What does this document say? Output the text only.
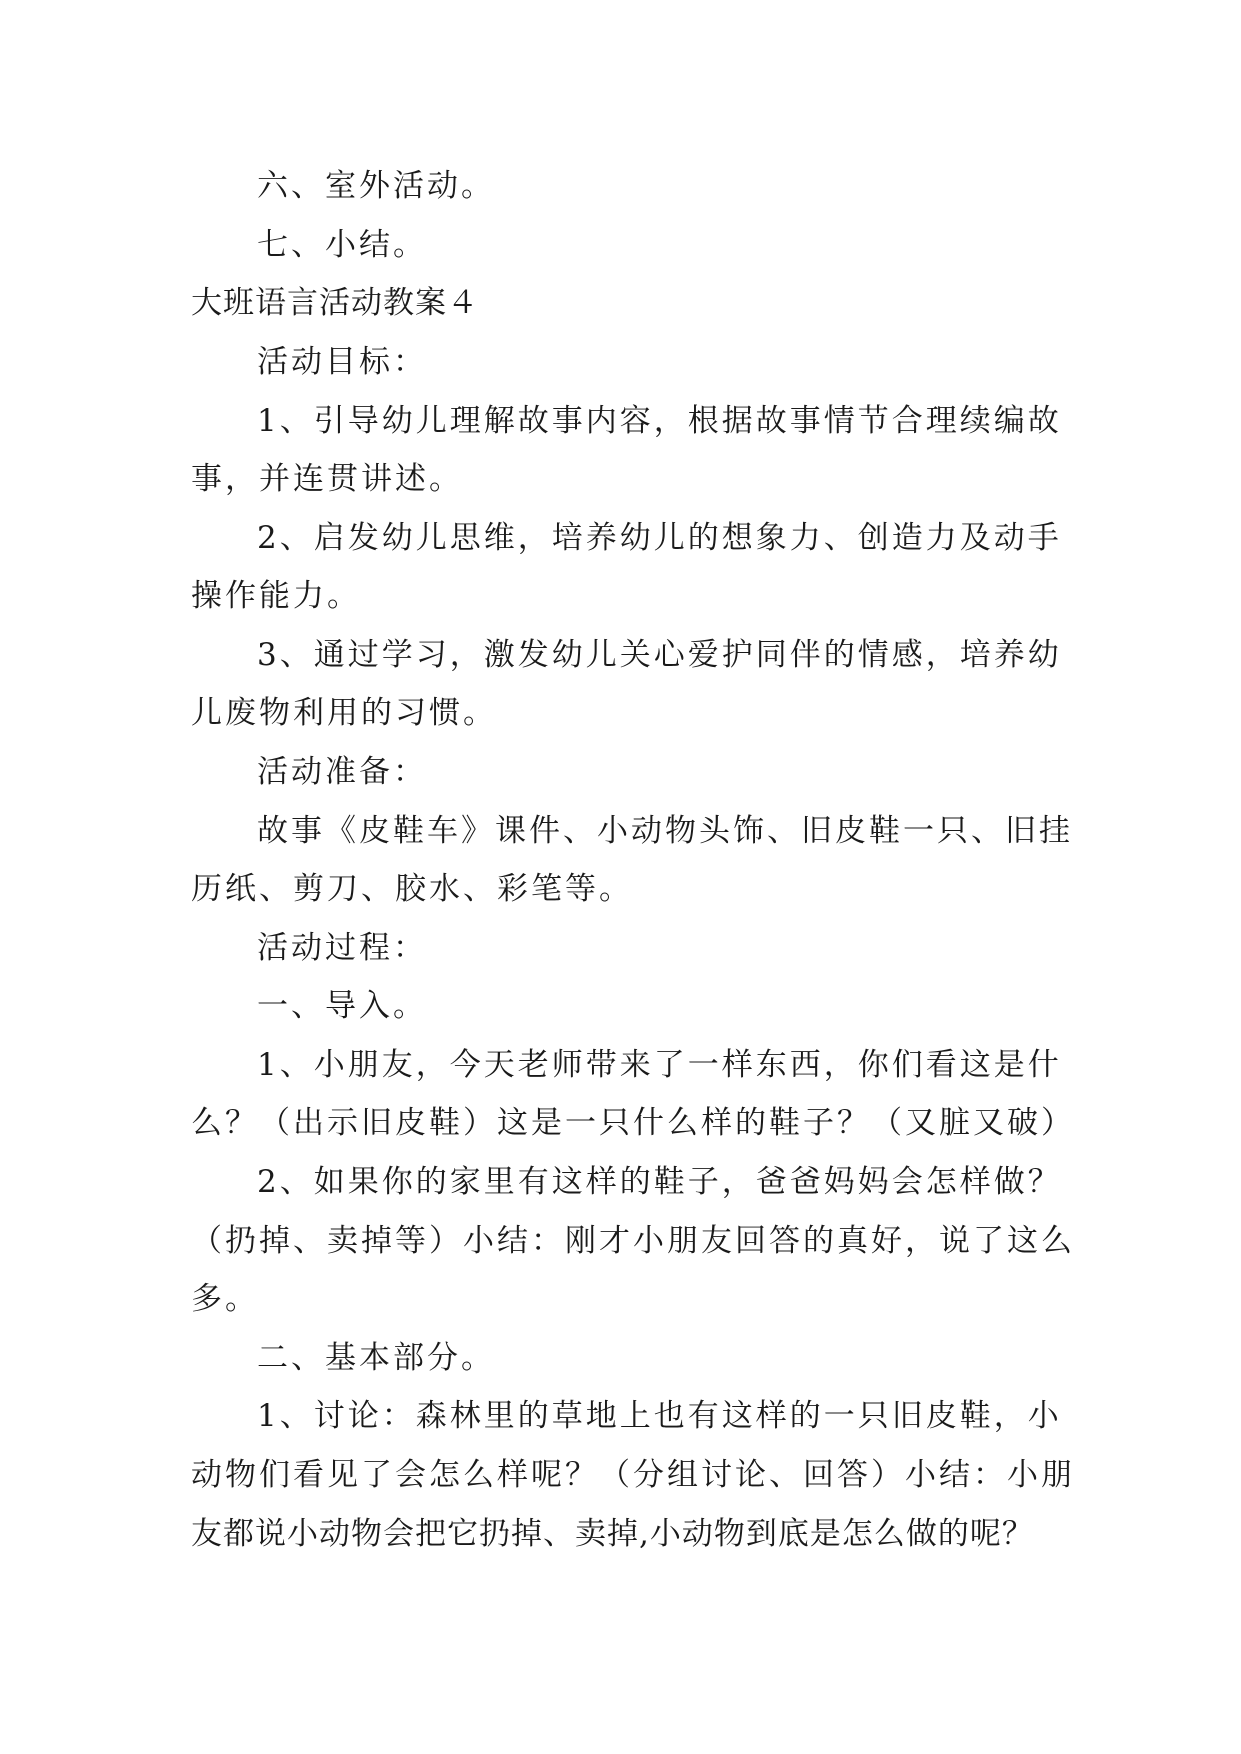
六、室外活动。
七、小结。
大班语言活动教案４
活动目标：
1、引导幼儿理解故事内容，根据故事情节合理续编故
事，并连贯讲述。
2、启发幼儿思维，培养幼儿的想象力、创造力及动手
操作能力。
3、通过学习，激发幼儿关心爱护同伴的情感，培养幼
儿废物利用的习惯。
活动准备：
故事《皮鞋车》课件、小动物头饰、旧皮鞋一只、旧挂
历纸、剪刀、胶水、彩笔等。
活动过程：
一、导入。
1、小朋友，今天老师带来了一样东西，你们看这是什
么？（出示旧皮鞋）这是一只什么样的鞋子？（又脏又破）
2、如果你的家里有这样的鞋子，爸爸妈妈会怎样做？
（扔掉、卖掉等）小结：刚才小朋友回答的真好，说了这么
多。
二、基本部分。
1、讨论：森林里的草地上也有这样的一只旧皮鞋，小
动物们看见了会怎么样呢？（分组讨论、回答）小结：小朋
友都说小动物会把它扔掉、卖掉,小动物到底是怎么做的呢？
